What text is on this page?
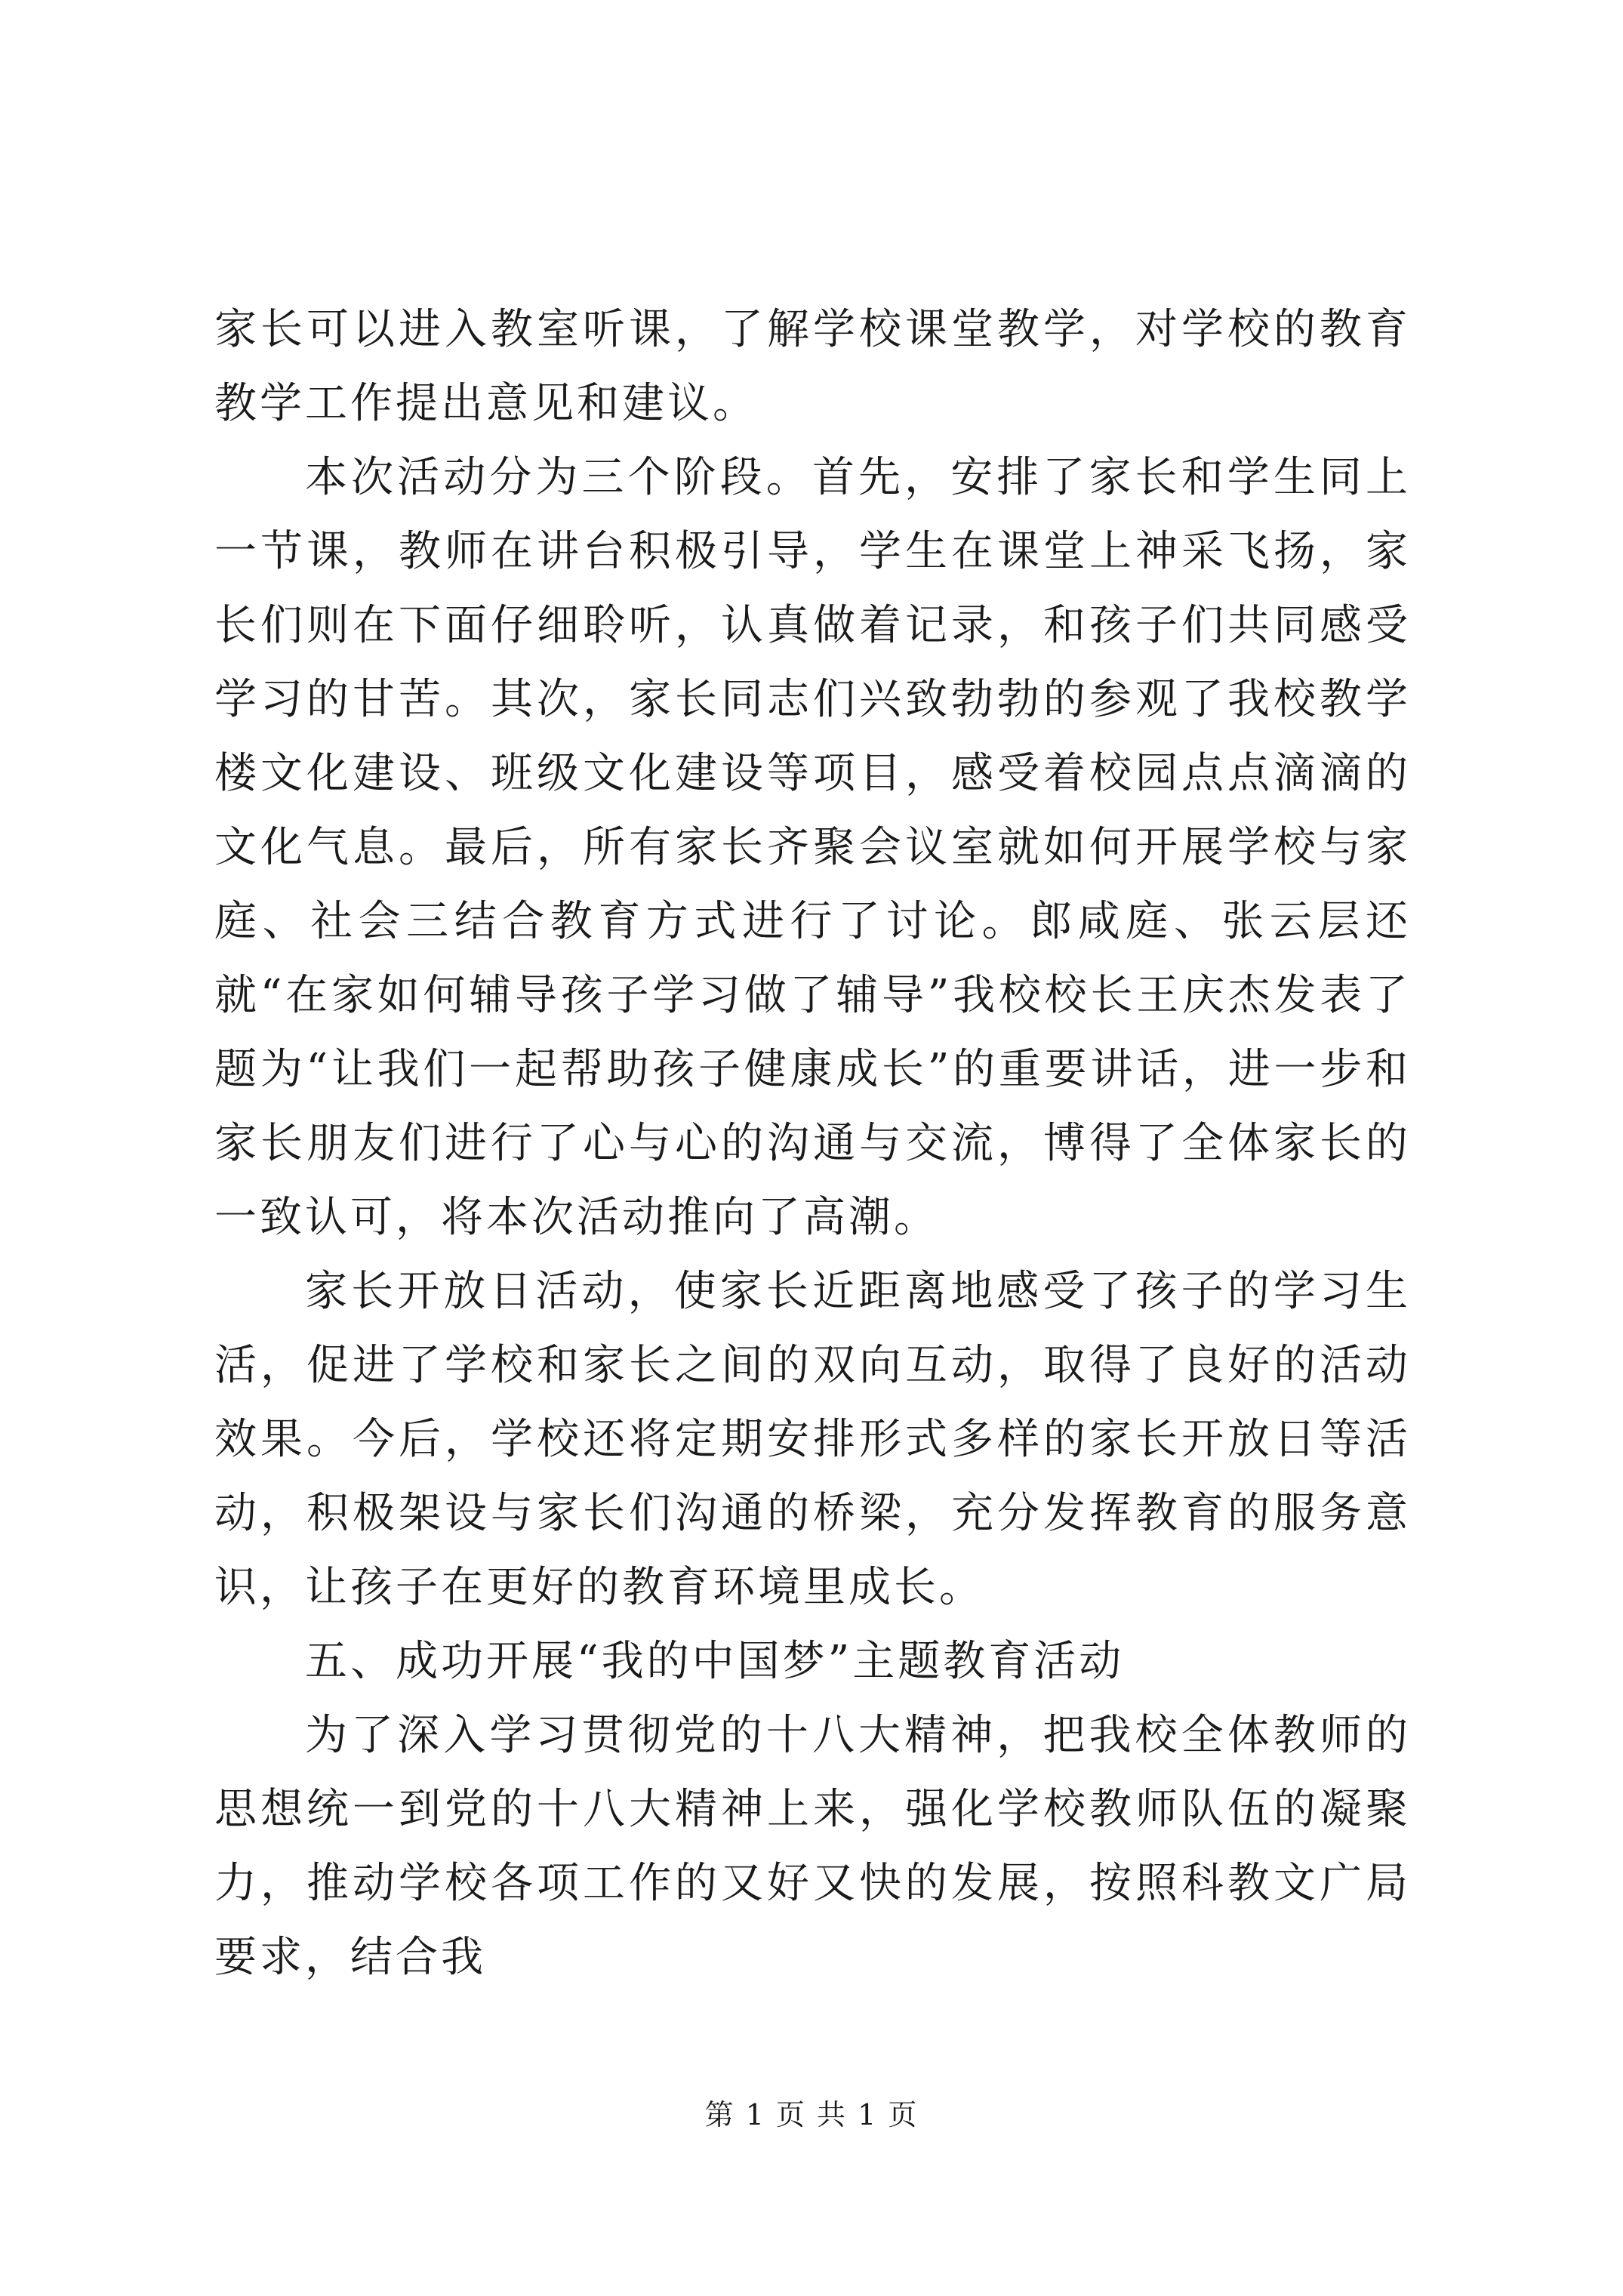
家长可以进入教室听课，了解学校课堂教学，对学校的教育教学工作提出意见和建议。

本次活动分为三个阶段。首先，安排了家长和学生同上一节课，教师在讲台积极引导，学生在课堂上神采飞扬，家长们则在下面仔细聆听，认真做着记录，和孩子们共同感受学习的甘苦。其次，家长同志们兴致勃勃的参观了我校教学楼文化建设、班级文化建设等项目，感受着校园点点滴滴的文化气息。最后，所有家长齐聚会议室就如何开展学校与家庭、社会三结合教育方式进行了讨论。郎咸庭、张云层还就“在家如何辅导孩子学习做了辅导”我校校长王庆杰发表了题为“让我们一起帮助孩子健康成长”的重要讲话，进一步和家长朋友们进行了心与心的沟通与交流，博得了全体家长的一致认可，将本次活动推向了高潮。

家长开放日活动，使家长近距离地感受了孩子的学习生活，促进了学校和家长之间的双向互动，取得了良好的活动效果。今后，学校还将定期安排形式多样的家长开放日等活动，积极架设与家长们沟通的桥梁，充分发挥教育的服务意识，让孩子在更好的教育环境里成长。

五、成功开展“我的中国梦”主题教育活动

为了深入学习贯彻党的十八大精神，把我校全体教师的思想统一到党的十八大精神上来，强化学校教师队伍的凝聚力，推动学校各项工作的又好又快的发展，按照科教文广局要求，结合我

第 1 页 共 1 页
